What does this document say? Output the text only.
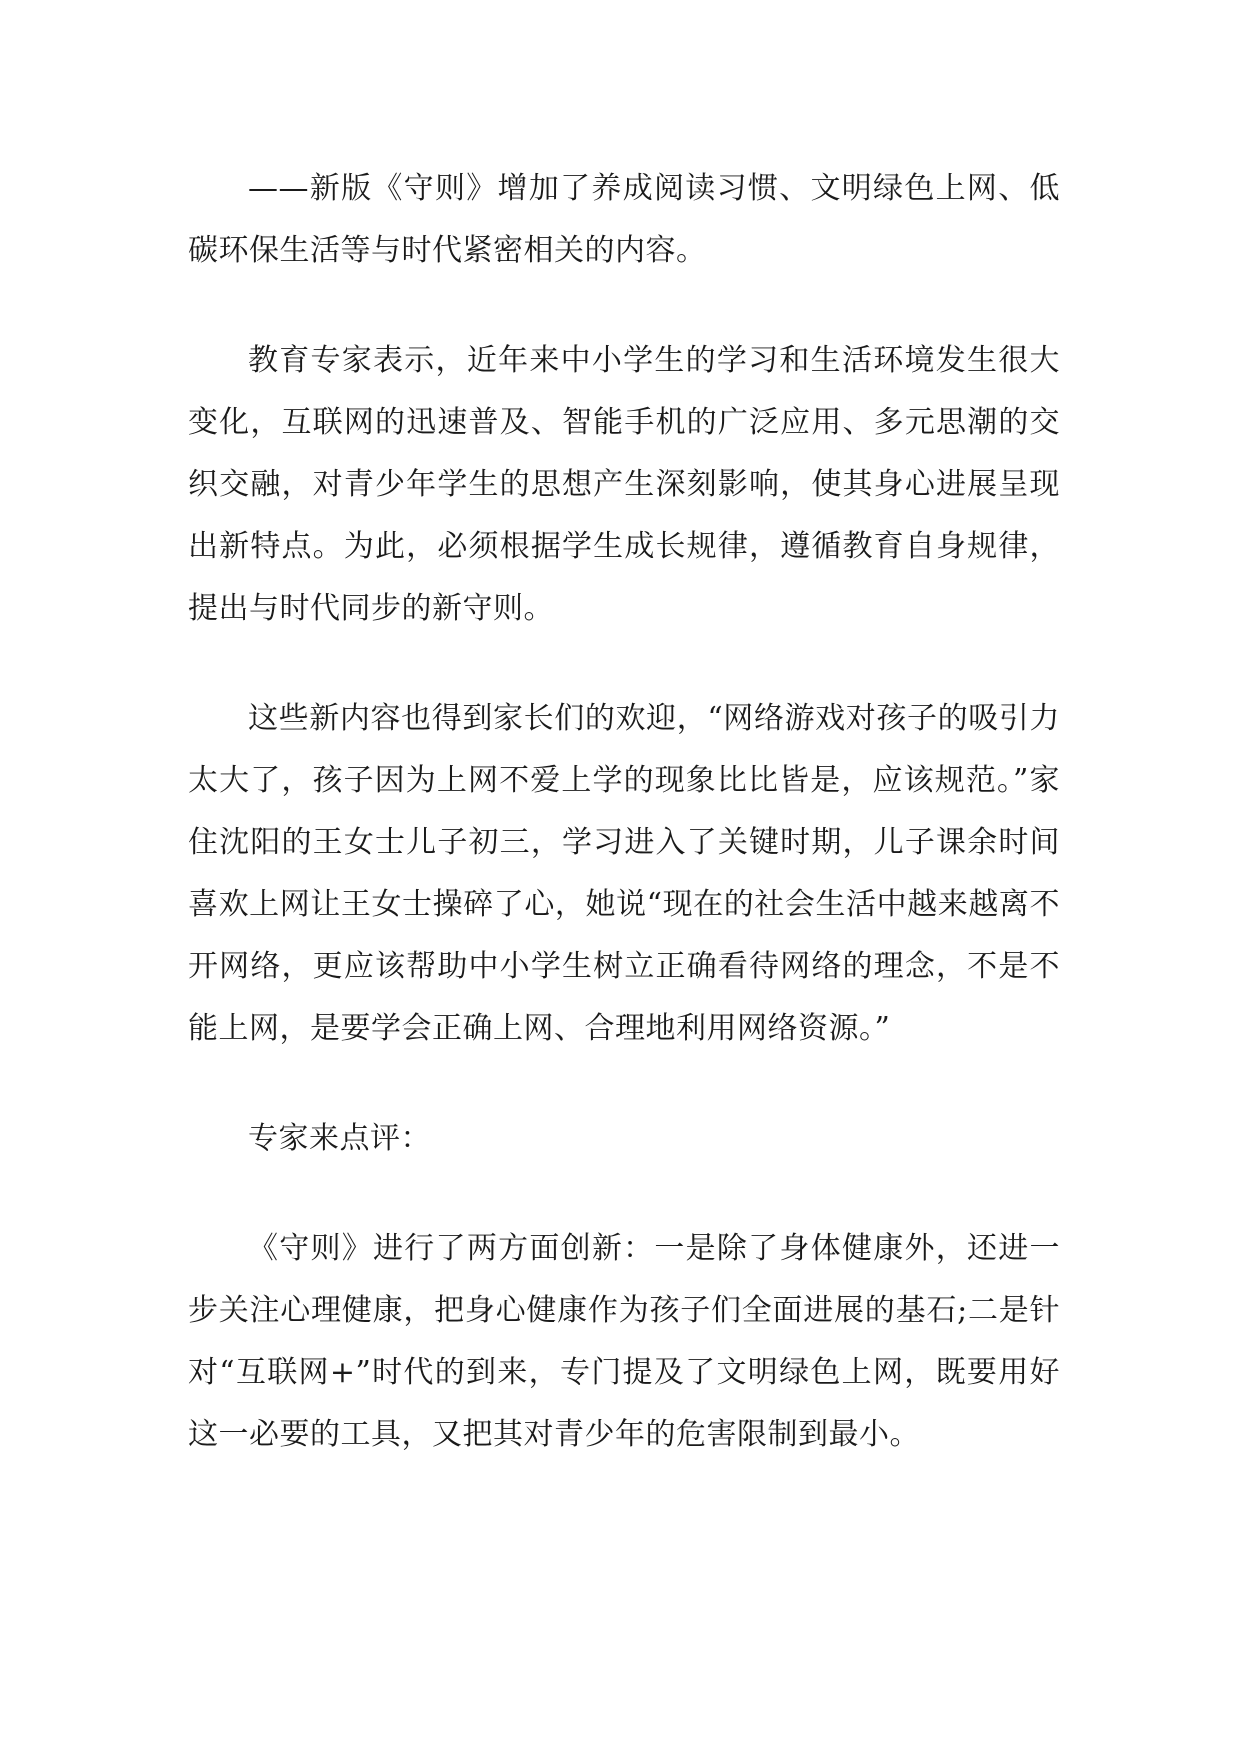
——新版《守则》增加了养成阅读习惯、文明绿色上网、低碳环保生活等与时代紧密相关的内容。

教育专家表示，近年来中小学生的学习和生活环境发生很大变化，互联网的迅速普及、智能手机的广泛应用、多元思潮的交织交融，对青少年学生的思想产生深刻影响，使其身心进展呈现出新特点。为此，必须根据学生成长规律，遵循教育自身规律，提出与时代同步的新守则。

这些新内容也得到家长们的欢迎，“网络游戏对孩子的吸引力太大了，孩子因为上网不爱上学的现象比比皆是，应该规范。”家住沈阳的王女士儿子初三，学习进入了关键时期，儿子课余时间喜欢上网让王女士操碎了心，她说“现在的社会生活中越来越离不开网络，更应该帮助中小学生树立正确看待网络的理念，不是不能上网，是要学会正确上网、合理地利用网络资源。”

专家来点评：

《守则》进行了两方面创新：一是除了身体健康外，还进一步关注心理健康，把身心健康作为孩子们全面进展的基石;二是针对“互联网+”时代的到来，专门提及了文明绿色上网，既要用好这一必要的工具，又把其对青少年的危害限制到最小。
